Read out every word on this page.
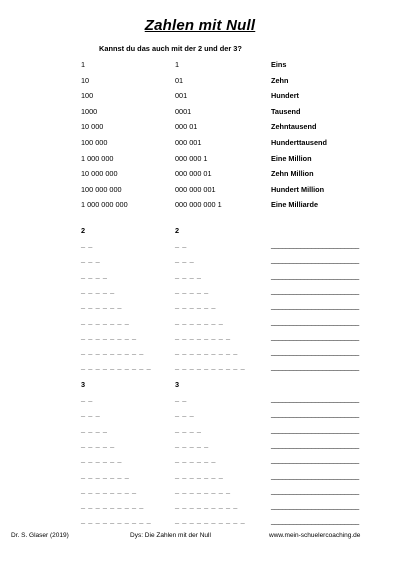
Zahlen mit Null
Kannst du das auch mit der 2 und der 3?
1	1	Eins
10	01	Zehn
100	001	Hundert
1000	0001	Tausend
10 000	000 01	Zehntausend
100 000	000 001	Hunderttausend
1 000 000	000 000 1	Eine Million
10 000 000	000 000 01	Zehn Million
100 000 000	000 000 001	Hundert Million
1 000 000 000	000 000 000 1	Eine Milliarde
2	2
_ _	_ _	________________________
_ _ _	_ _ _	________________________
_ _ _ _	_ _ _ _	________________________
_ _ _ _ _	_ _ _ _ _	________________________
_ _ _ _ _ _	_ _ _ _ _ _	________________________
_ _ _ _ _ _ _	_ _ _ _ _ _ _	________________________
_ _ _ _ _ _ _ _	_ _ _ _ _ _ _ _	________________________
_ _ _ _ _ _ _ _ _	_ _ _ _ _ _ _ _ _	________________________
_ _ _ _ _ _ _ _ _ _	_ _ _ _ _ _ _ _ _ _	________________________
3	3
_ _	_ _	________________________
_ _ _	_ _ _	________________________
_ _ _ _	_ _ _ _	________________________
_ _ _ _ _	_ _ _ _ _	________________________
_ _ _ _ _ _	_ _ _ _ _ _	________________________
_ _ _ _ _ _ _	_ _ _ _ _ _ _	________________________
_ _ _ _ _ _ _ _	_ _ _ _ _ _ _ _	________________________
_ _ _ _ _ _ _ _ _	_ _ _ _ _ _ _ _ _	________________________
_ _ _ _ _ _ _ _ _ _	_ _ _ _ _ _ _ _ _ _	________________________
Dr. S. Glaser (2019)	Dys: Die Zahlen mit der Null	www.mein-schuelercoaching.de
